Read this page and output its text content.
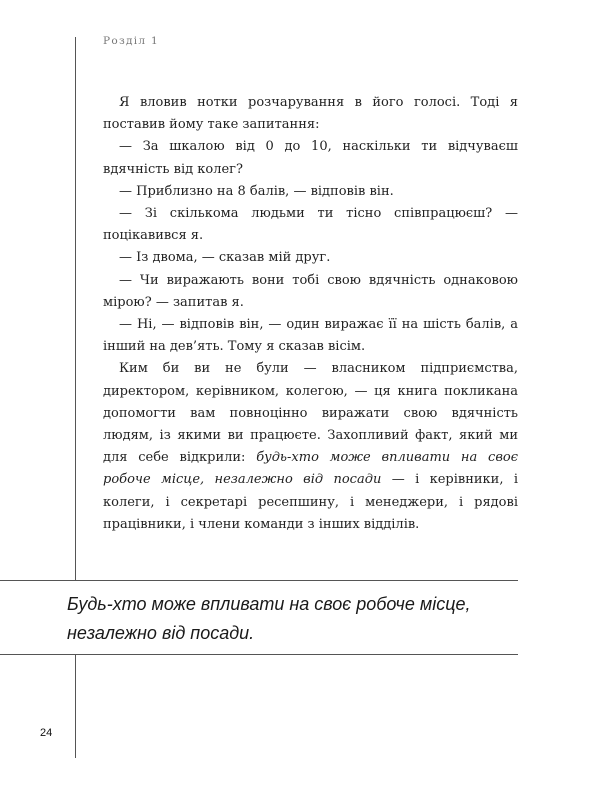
Розділ 1

Я вловив нотки розчарування в його голосі. Тоді я поставив йому таке запитання:

— За шкалою від 0 до 10, наскільки ти відчуваєш вдячність від колег?

— Приблизно на 8 балів, — відповів він.

— Зі скількома людьми ти тісно співпрацюєш? — поцікавився я.

— Із двома, — сказав мій друг.

— Чи виражають вони тобі свою вдячність однаковою мірою? — запитав я.

— Ні, — відповів він, — один виражає її на шість балів, а інший на дев’ять. Тому я сказав вісім.

Ким би ви не були — власником підприємства, директором, керівником, колегою, — ця книга покликана допомогти вам повноцінно виражати свою вдячність людям, із якими ви працюєте. Захопливий факт, який ми для себе відкрили: будь-хто може впливати на своє робоче місце, незалежно від посади — і керівники, і колеги, і секретарі ресепшину, і менеджери, і рядові працівники, і члени команди з інших відділів.

Будь-хто може впливати на своє робоче місце, незалежно від посади.
24
